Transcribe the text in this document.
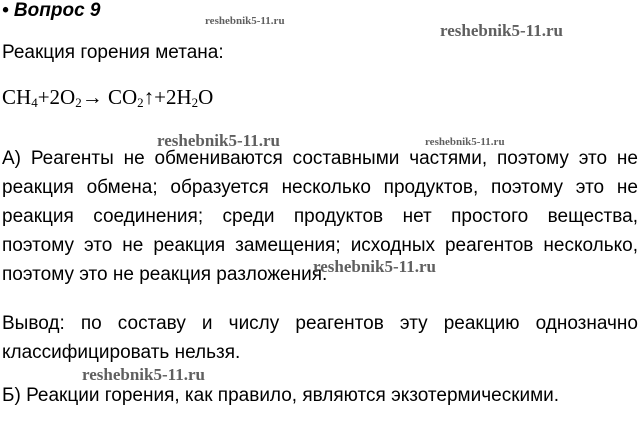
• Вопрос 9	reshebnik5-11.ru	reshebnik5-11.ru
Реакция горения метана:
$CH_4+2O_2\to$ $CO_2↑+2H_2O$
reshebnik5-11.ru	reshebnik5-11.ru
А) Реагенты не обмениваются составными частями, поэтому это не
реакция обмена; образуется несколько продуктов, поэтому это не
реакция соединения; среди продуктов нет простого вещества,
поэтому это не реакция замещения; исходных реагентов несколько,
поэтому это не реакция разложения.
reshebnik5-11.ru
Вывод: по составу и числу реагентов эту реакцию однозначно
классифицировать нельзя.
reshebnik5-11.ru
Б) Реакции горения, как правило, являются экзотермическими.
